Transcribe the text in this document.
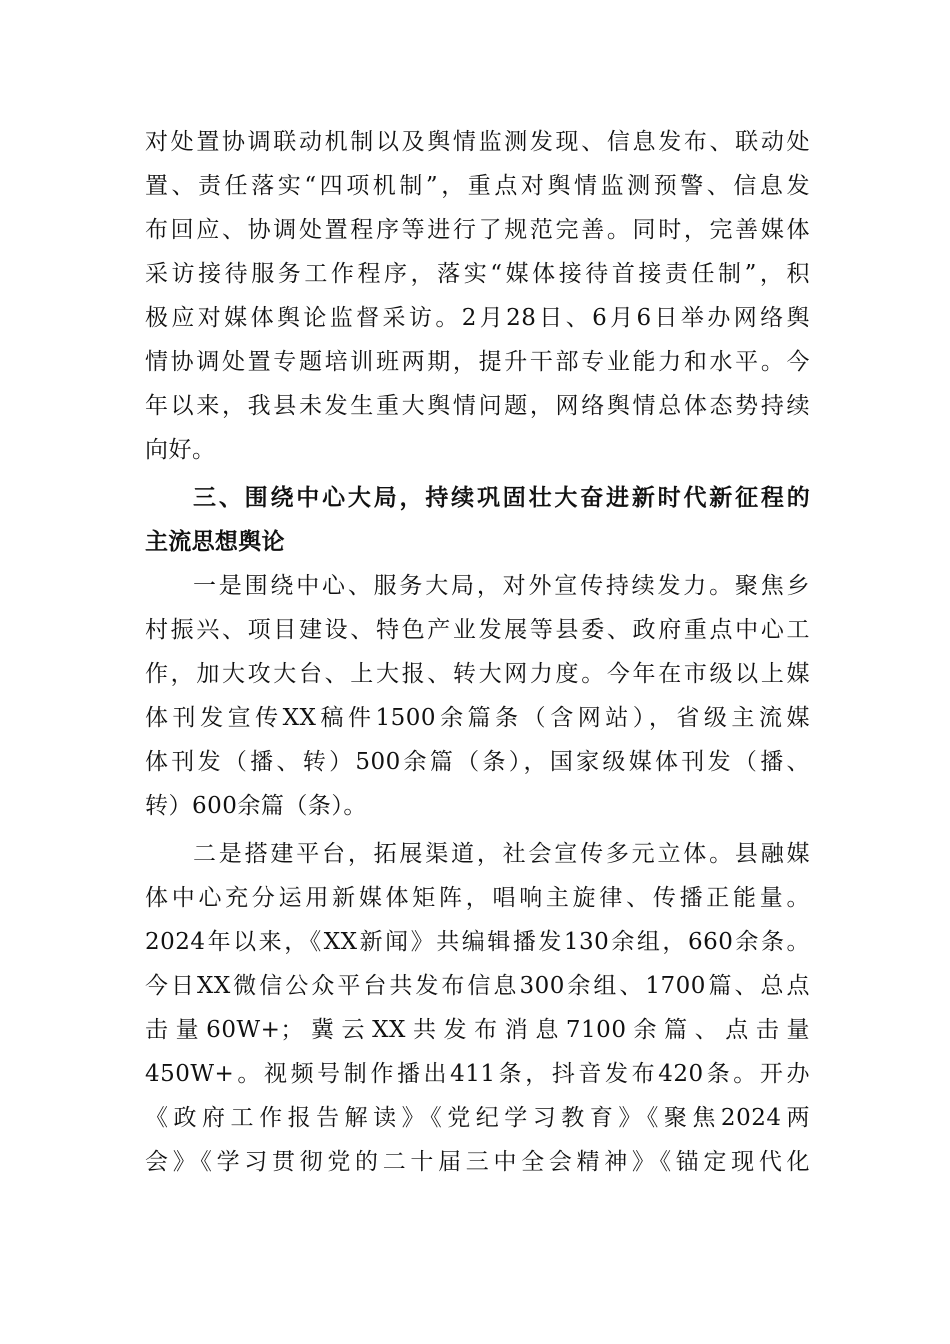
对处置协调联动机制以及舆情监测发现、信息发布、联动处
置、责任落实“四项机制”，重点对舆情监测预警、信息发
布回应、协调处置程序等进行了规范完善。同时，完善媒体
采访接待服务工作程序，落实“媒体接待首接责任制”，积
极应对媒体舆论监督采访。2月28日、6月6日举办网络舆
情协调处置专题培训班两期，提升干部专业能力和水平。今
年以来，我县未发生重大舆情问题，网络舆情总体态势持续
向好。
三、围绕中心大局，持续巩固壮大奋进新时代新征程的
主流思想舆论
一是围绕中心、服务大局，对外宣传持续发力。聚焦乡
村振兴、项目建设、特色产业发展等县委、政府重点中心工
作，加大攻大台、上大报、转大网力度。今年在市级以上媒
体刊发宣传XX稿件1500余篇条（含网站），省级主流媒
体刊发（播、转）500余篇（条），国家级媒体刊发（播、
转）600余篇（条）。
二是搭建平台，拓展渠道，社会宣传多元立体。县融媒
体中心充分运用新媒体矩阵，唱响主旋律、传播正能量。
2024年以来，《XX新闻》共编辑播发130余组，660余条。
今日XX微信公众平台共发布信息300余组、1700篇、总点
击量60W+；冀云XX共发布消息7100余篇、点击量
450W+。视频号制作播出411条，抖音发布420条。开办
《政府工作报告解读》《党纪学习教育》《聚焦2024两
会》《学习贯彻党的二十届三中全会精神》《锚定现代化
